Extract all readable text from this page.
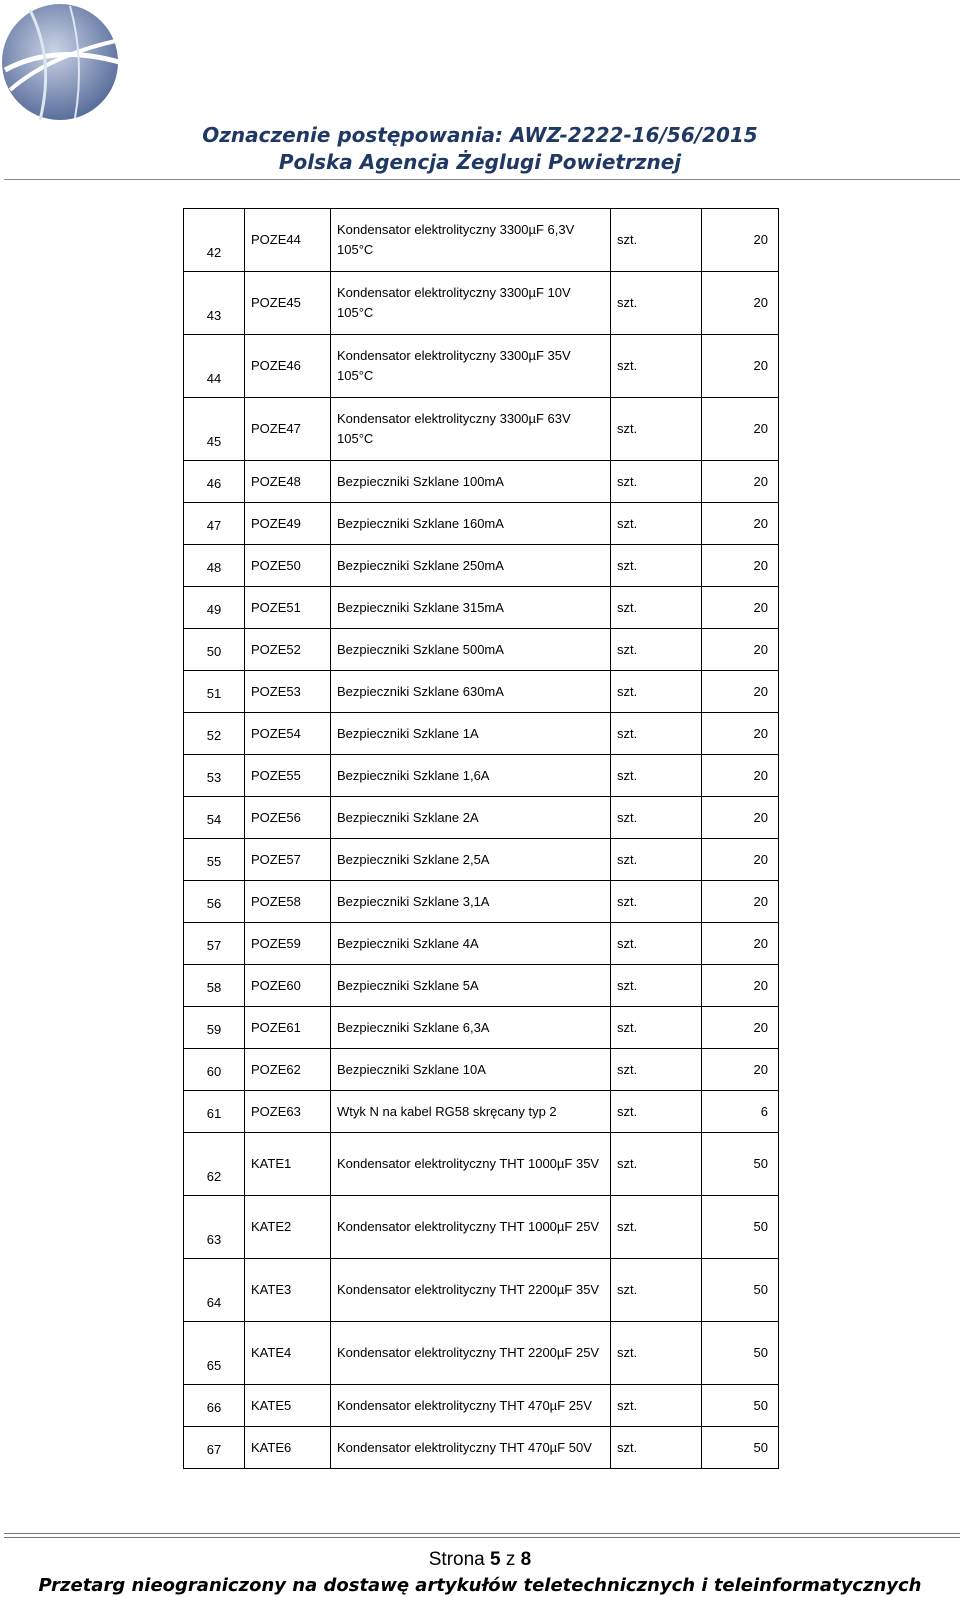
Oznaczenie postępowania: AWZ-2222-16/56/2015
Polska Agencja Żeglugi Powietrznej
42	POZE44	Kondensator elektrolityczny 3300µF 6,3V 105°C	szt.	20
43	POZE45	Kondensator elektrolityczny 3300µF 10V 105°C	szt.	20
44	POZE46	Kondensator elektrolityczny 3300µF 35V 105°C	szt.	20
45	POZE47	Kondensator elektrolityczny 3300µF 63V 105°C	szt.	20
46	POZE48	Bezpieczniki Szklane 100mA	szt.	20
47	POZE49	Bezpieczniki Szklane 160mA	szt.	20
48	POZE50	Bezpieczniki Szklane 250mA	szt.	20
49	POZE51	Bezpieczniki Szklane 315mA	szt.	20
50	POZE52	Bezpieczniki Szklane 500mA	szt.	20
51	POZE53	Bezpieczniki Szklane 630mA	szt.	20
52	POZE54	Bezpieczniki Szklane 1A	szt.	20
53	POZE55	Bezpieczniki Szklane 1,6A	szt.	20
54	POZE56	Bezpieczniki Szklane 2A	szt.	20
55	POZE57	Bezpieczniki Szklane 2,5A	szt.	20
56	POZE58	Bezpieczniki Szklane 3,1A	szt.	20
57	POZE59	Bezpieczniki Szklane 4A	szt.	20
58	POZE60	Bezpieczniki Szklane 5A	szt.	20
59	POZE61	Bezpieczniki Szklane 6,3A	szt.	20
60	POZE62	Bezpieczniki Szklane 10A	szt.	20
61	POZE63	Wtyk N na kabel RG58 skręcany typ 2	szt.	6
62	KATE1	Kondensator elektrolityczny THT 1000µF 35V	szt.	50
63	KATE2	Kondensator elektrolityczny THT 1000µF 25V	szt.	50
64	KATE3	Kondensator elektrolityczny THT 2200µF 35V	szt.	50
65	KATE4	Kondensator elektrolityczny THT 2200µF 25V	szt.	50
66	KATE5	Kondensator elektrolityczny THT 470µF 25V	szt.	50
67	KATE6	Kondensator elektrolityczny THT 470µF 50V	szt.	50
Strona 5 z 8
Przetarg nieograniczony na dostawę artykułów teletechnicznych i teleinformatycznych
